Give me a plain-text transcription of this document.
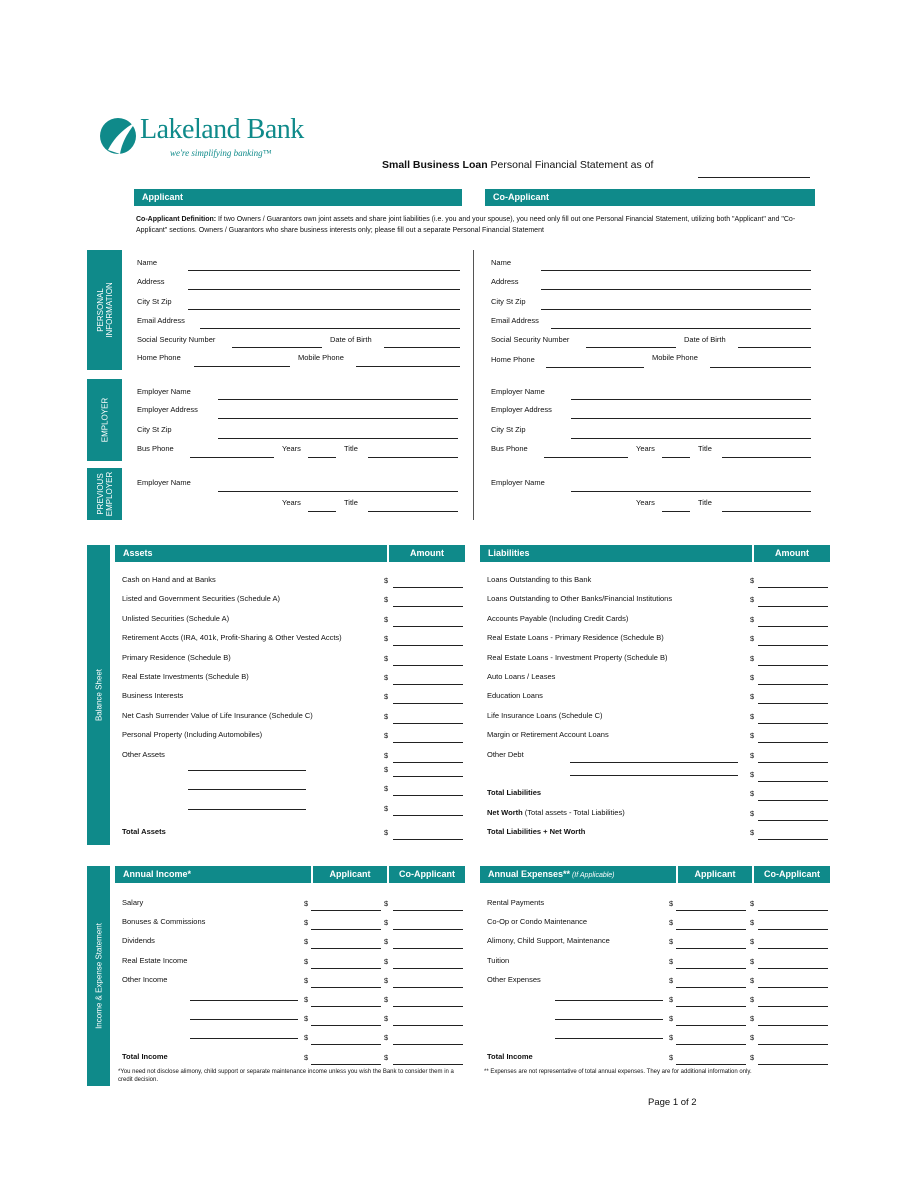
Lakeland Bank
we're simplifying banking™
Small Business Loan Personal Financial Statement as of
Applicant	Co-Applicant
Co-Applicant Definition: If two Owners / Guarantors own joint assets and share joint liabilities (i.e. you and your spouse), you need only fill out one Personal Financial Statement, utilizing both "Applicant" and "Co-Applicant" sections. Owners / Guarantors who share business interests only; please fill out a separate Personal Financial Statement
PERSONAL INFORMATION
EMPLOYER
PREVIOUS EMPLOYER
Name
Address
City St Zip
Email Address
Social Security Number	Date of Birth
Home Phone	Mobile Phone
Employer Name
Employer Address
City St Zip
Bus Phone	Years	Title
Employer Name
Years	Title
Name
Address
City St Zip
Email Address
Social Security Number	Date of Birth
Home Phone	Mobile Phone
Employer Name
Employer Address
City St Zip
Bus Phone	Years	Title
Employer Name
Years	Title
Balance Sheet
Assets	Amount	Liabilities	Amount
Income & Expense Statement
Annual Income*	Applicant	Co-Applicant	Annual Expenses** (If Applicable)	Applicant	Co-Applicant
*You need not disclose alimony, child support or separate maintenance income unless you wish the Bank to consider them in a credit decision.
** Expenses are not representative of total annual expenses. They are for additional information only.
Page 1 of 2
Cash on Hand and at Banks	$
Listed and Government Securities (Schedule A)	$
Unlisted Securities (Schedule A)	$
Retirement Accts (IRA, 401k, Profit-Sharing & Other Vested Accts)	$
Primary Residence (Schedule B)	$
Real Estate Investments (Schedule B)	$
Business Interests	$
Net Cash Surrender Value of Life Insurance (Schedule C)	$
Personal Property (Including Automobiles)	$
Other Assets	$
$
$
$
Total Assets	$
Loans Outstanding to this Bank	$
Loans Outstanding to Other Banks/Financial Institutions	$
Accounts Payable (Including Credit Cards)	$
Real Estate Loans - Primary Residence (Schedule B)	$
Real Estate Loans - Investment Property (Schedule B)	$
Auto Loans / Leases	$
Education Loans	$
Life Insurance Loans (Schedule C)	$
Margin or Retirement Account Loans	$
Other Debt	$
$
Total Liabilities	$
Net Worth (Total assets - Total Liabilities)	$
Total Liabilities + Net Worth	$
Salary	$	$
Bonuses & Commissions	$	$
Dividends	$	$
Real Estate Income	$	$
Other Income	$	$
$	$
$	$
$	$
Total Income	$	$
Rental Payments	$	$
Co-Op or Condo Maintenance	$	$
Alimony, Child Support, Maintenance	$	$
Tuition	$	$
Other Expenses	$	$
$	$
$	$
$	$
Total Income	$	$
